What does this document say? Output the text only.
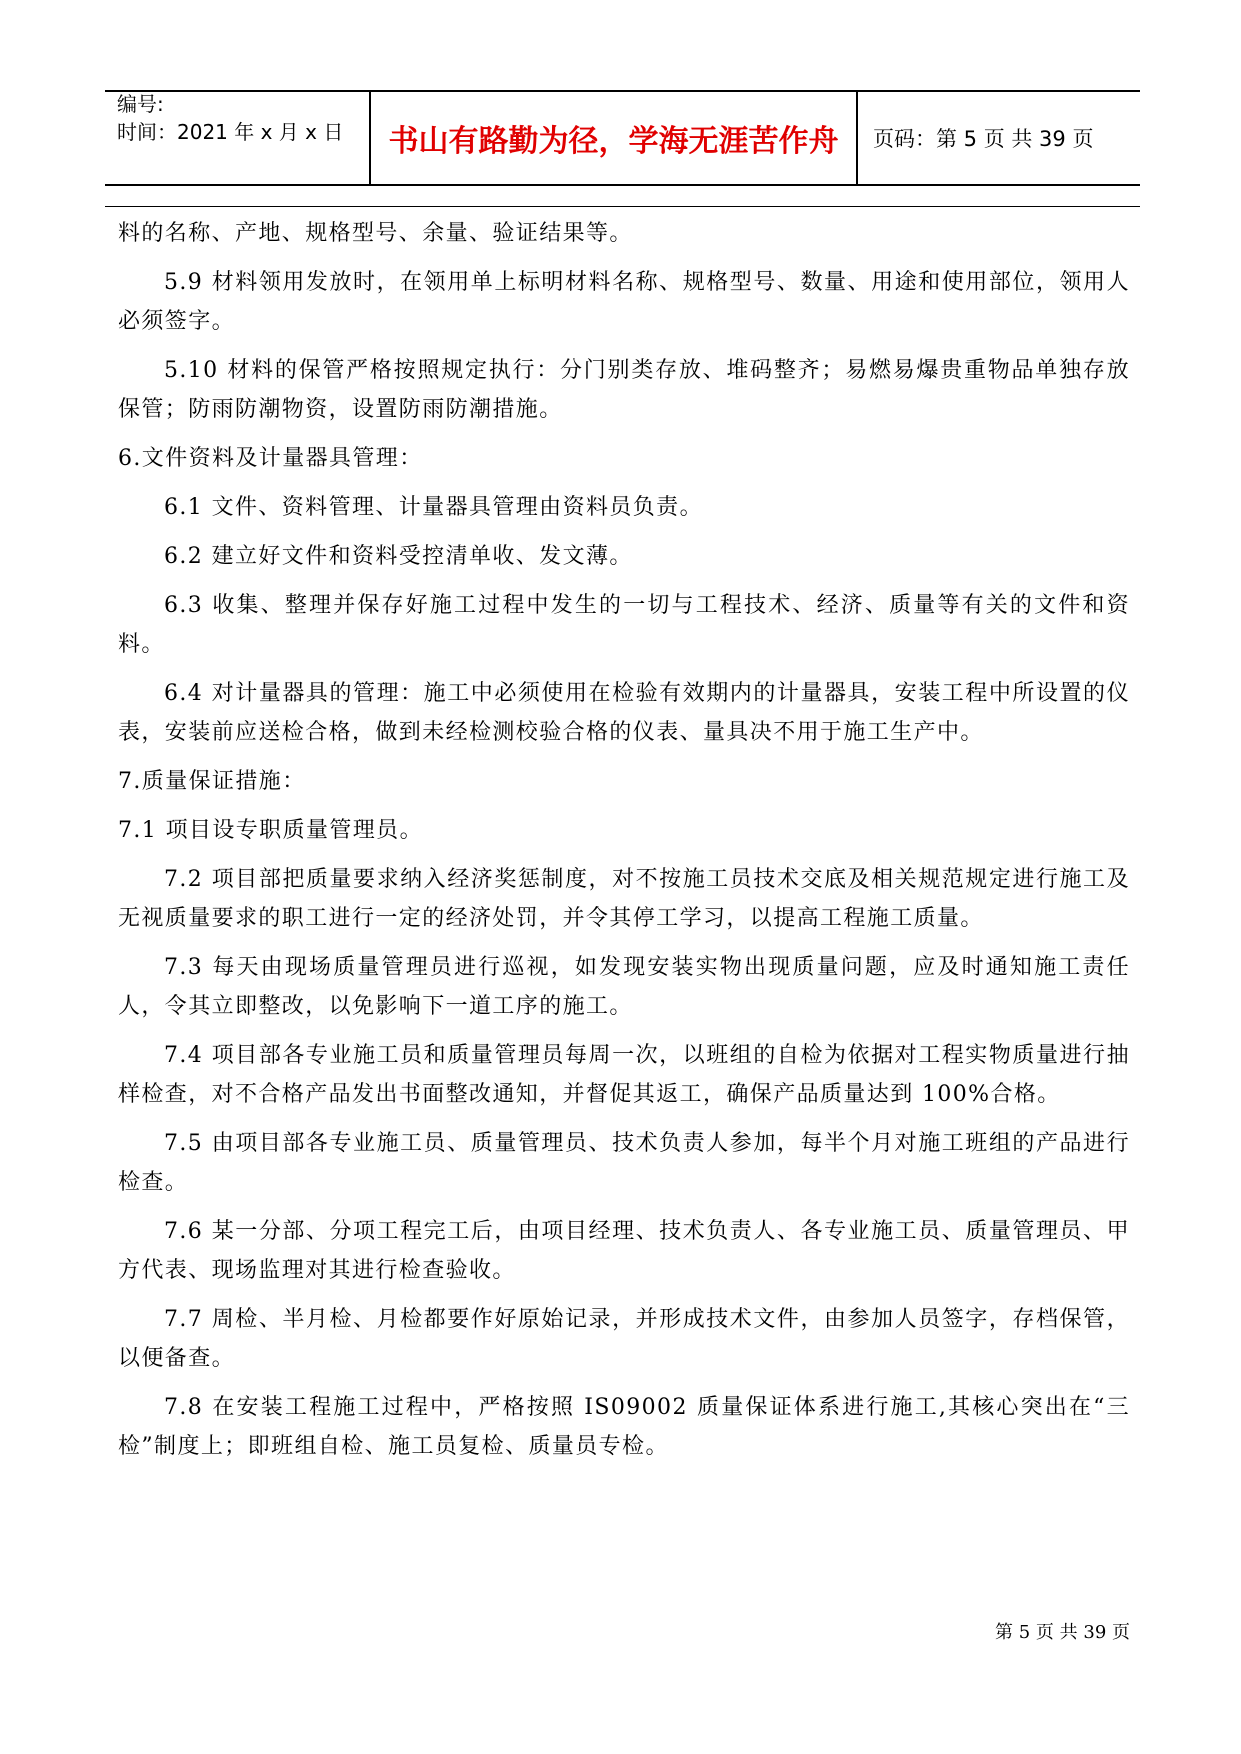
编号:
时间：2021 年 x 月 x 日	书山有路勤为径，学海无涯苦作舟	页码：第 5 页 共 39 页

料的名称、产地、规格型号、余量、验证结果等。

5.9 材料领用发放时，在领用单上标明材料名称、规格型号、数量、用途和使用部位，领用人必须签字。

5.10 材料的保管严格按照规定执行：分门别类存放、堆码整齐；易燃易爆贵重物品单独存放保管；防雨防潮物资，设置防雨防潮措施。

6.文件资料及计量器具管理：

6.1 文件、资料管理、计量器具管理由资料员负责。

6.2 建立好文件和资料受控清单收、发文薄。

6.3 收集、整理并保存好施工过程中发生的一切与工程技术、经济、质量等有关的文件和资料。

6.4 对计量器具的管理：施工中必须使用在检验有效期内的计量器具，安装工程中所设置的仪表，安装前应送检合格，做到未经检测校验合格的仪表、量具决不用于施工生产中。

7.质量保证措施：

7.1 项目设专职质量管理员。

7.2 项目部把质量要求纳入经济奖惩制度，对不按施工员技术交底及相关规范规定进行施工及无视质量要求的职工进行一定的经济处罚，并令其停工学习，以提高工程施工质量。

7.3 每天由现场质量管理员进行巡视，如发现安装实物出现质量问题，应及时通知施工责任人，令其立即整改，以免影响下一道工序的施工。

7.4 项目部各专业施工员和质量管理员每周一次，以班组的自检为依据对工程实物质量进行抽样检查，对不合格产品发出书面整改通知，并督促其返工，确保产品质量达到 100%合格。

7.5 由项目部各专业施工员、质量管理员、技术负责人参加，每半个月对施工班组的产品进行检查。

7.6 某一分部、分项工程完工后，由项目经理、技术负责人、各专业施工员、质量管理员、甲方代表、现场监理对其进行检查验收。

7.7 周检、半月检、月检都要作好原始记录，并形成技术文件，由参加人员签字，存档保管，以便备查。

7.8 在安装工程施工过程中，严格按照 IS09002 质量保证体系进行施工,其核心突出在“三检”制度上；即班组自检、施工员复检、质量员专检。

第 5 页 共 39 页
